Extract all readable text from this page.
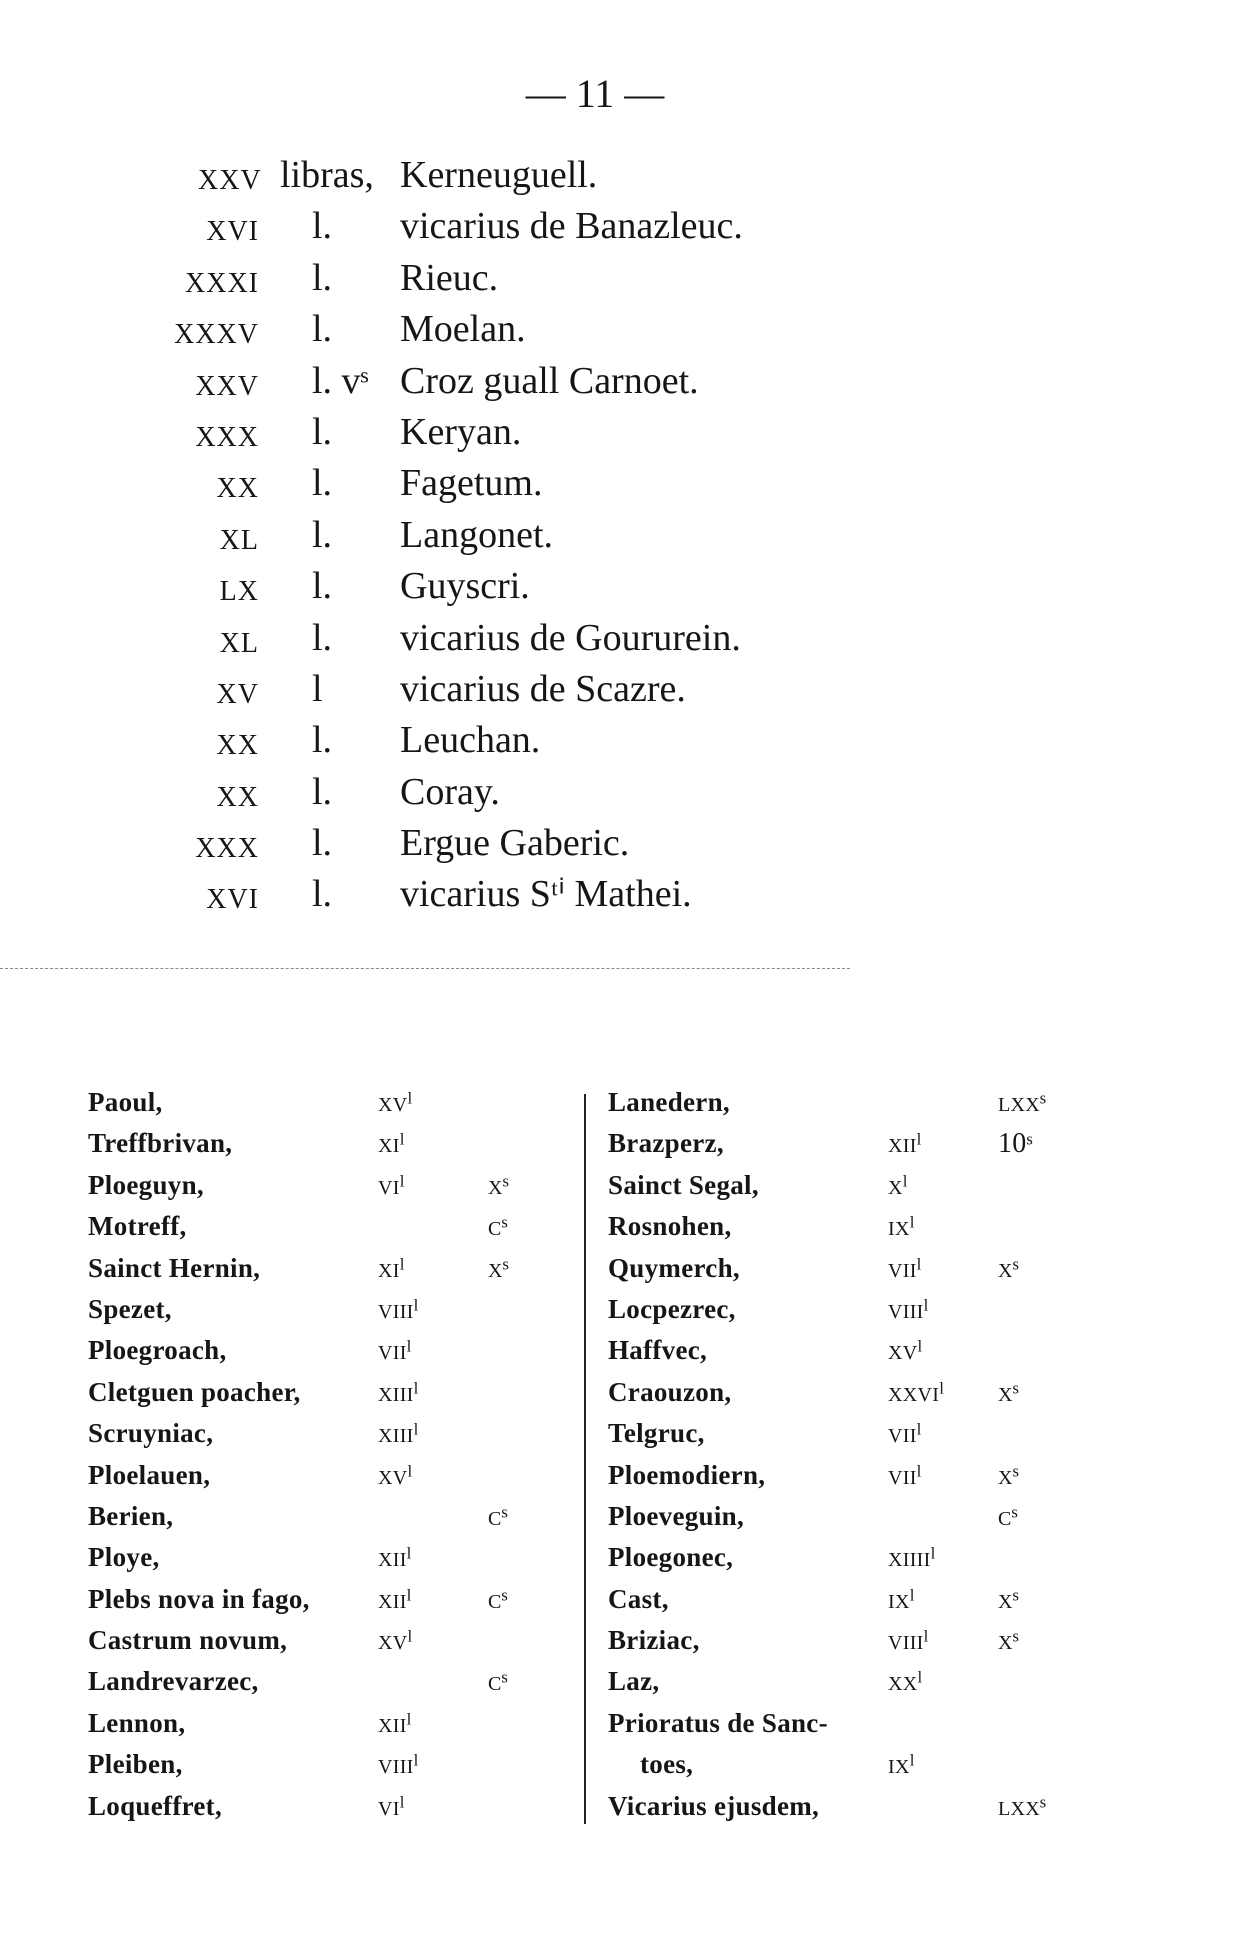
— 11 —
xxv libras, Kerneuguell.
xvi l. vicarius de Banazleuc.
xxxi l. Rieuc.
xxxv l. Moelan.
xxv l. vˢ Croz guall Carnoet.
xxx l. Keryan.
xx l. Fagetum.
xl l. Langonet.
lx l. Guyscri.
xl l. vicarius de Goururein.
xv l vicarius de Scazre.
xx l. Leuchan.
xx l. Coray.
xxx l. Ergue Gaberic.
xvi l. vicarius Sᵗⁱ Mathei.
Paoul,	xvˡ
Treffbrivan,	xiˡ
Ploeguyn,	viˡ	xˢ
Motreff,	cˢ
Sainct Hernin,	xiˡ	xˢ
Spezet,	viiiˡ
Ploegroach,	viiˡ
Cletguen poacher,	xiiiˡ
Scruyniac,	xiiiˡ
Ploelauen,	xvˡ
Berien,	cˢ
Ploye,	xiiˡ
Plebs nova in fago, xiiˡ	cˢ
Castrum novum,	xvˡ
Landrevarzec,	cˢ
Lennon,	xiiˡ
Pleiben,	viiiˡ
Loqueffret,	viˡ
Lanedern,	lxxˢ
Brazperz,	xiiˡ	10ˢ
Sainct Segal,	xˡ
Rosnohen,	ixˡ
Quymerch,	viiˡ	xˢ
Locpezrec,	viiiˡ
Haffvec,	xvˡ
Craouzon,	xxviˡ xˢ
Telgruc,	viiˡ
Ploemodiern,	viiˡ	xˢ
Ploeveguin,	cˢ
Ploegonec,	xiiiiˡ
Cast,	ixˡ	xˢ
Briziac,	viiiˡ xˢ
Laz,	xxˡ
Prioratus de Sanc-
toes,	ixˡ
Vicarius ejusdem,	lxxˢ
